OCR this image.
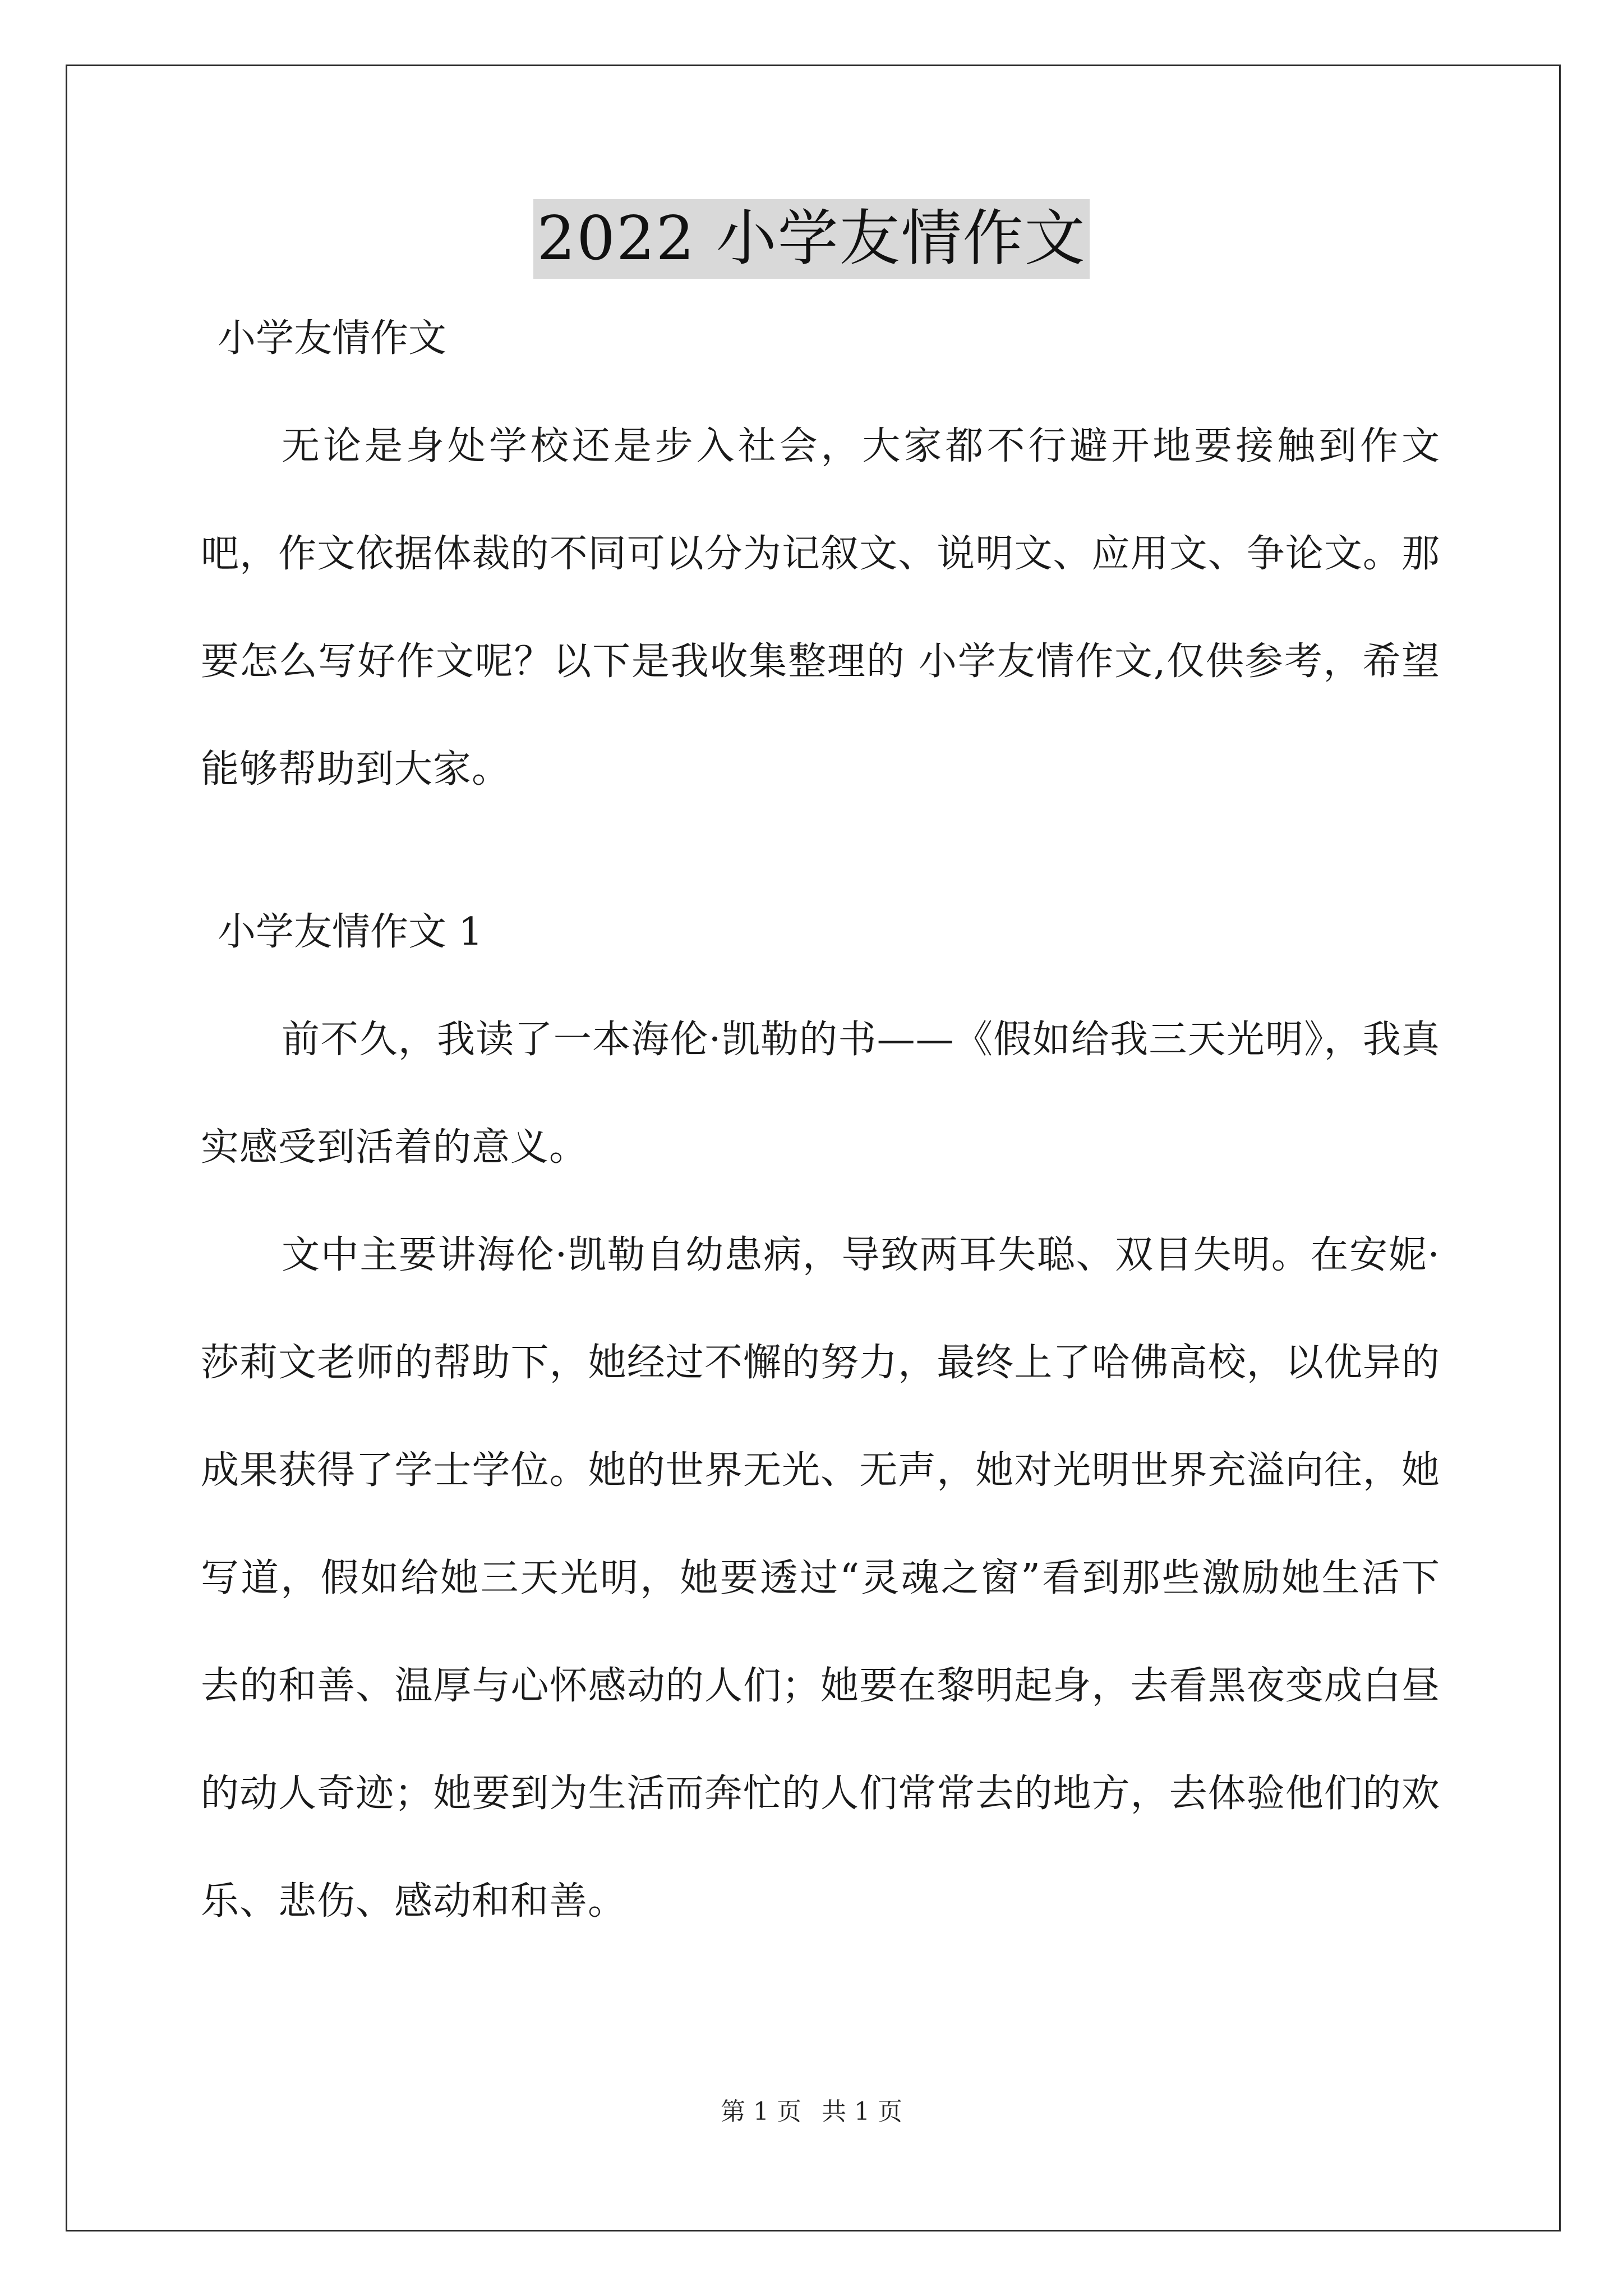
2022 小学友情作文

小学友情作文

无论是身处学校还是步入社会，大家都不行避开地要接触到作文吧，作文依据体裁的不同可以分为记叙文、说明文、应用文、争论文。那要怎么写好作文呢？以下是我收集整理的 小学友情作文,仅供参考，希望能够帮助到大家。

小学友情作文 1

前不久，我读了一本海伦·凯勒的书——《假如给我三天光明》，我真实感受到活着的意义。

文中主要讲海伦·凯勒自幼患病，导致两耳失聪、双目失明。在安妮·莎莉文老师的帮助下，她经过不懈的努力，最终上了哈佛高校，以优异的成果获得了学士学位。她的世界无光、无声，她对光明世界充溢向往，她写道，假如给她三天光明，她要透过“灵魂之窗”看到那些激励她生活下去的和善、温厚与心怀感动的人们；她要在黎明起身，去看黑夜变成白昼的动人奇迹；她要到为生活而奔忙的人们常常去的地方，去体验他们的欢乐、悲伤、感动和和善。

第 1 页 共 1 页
